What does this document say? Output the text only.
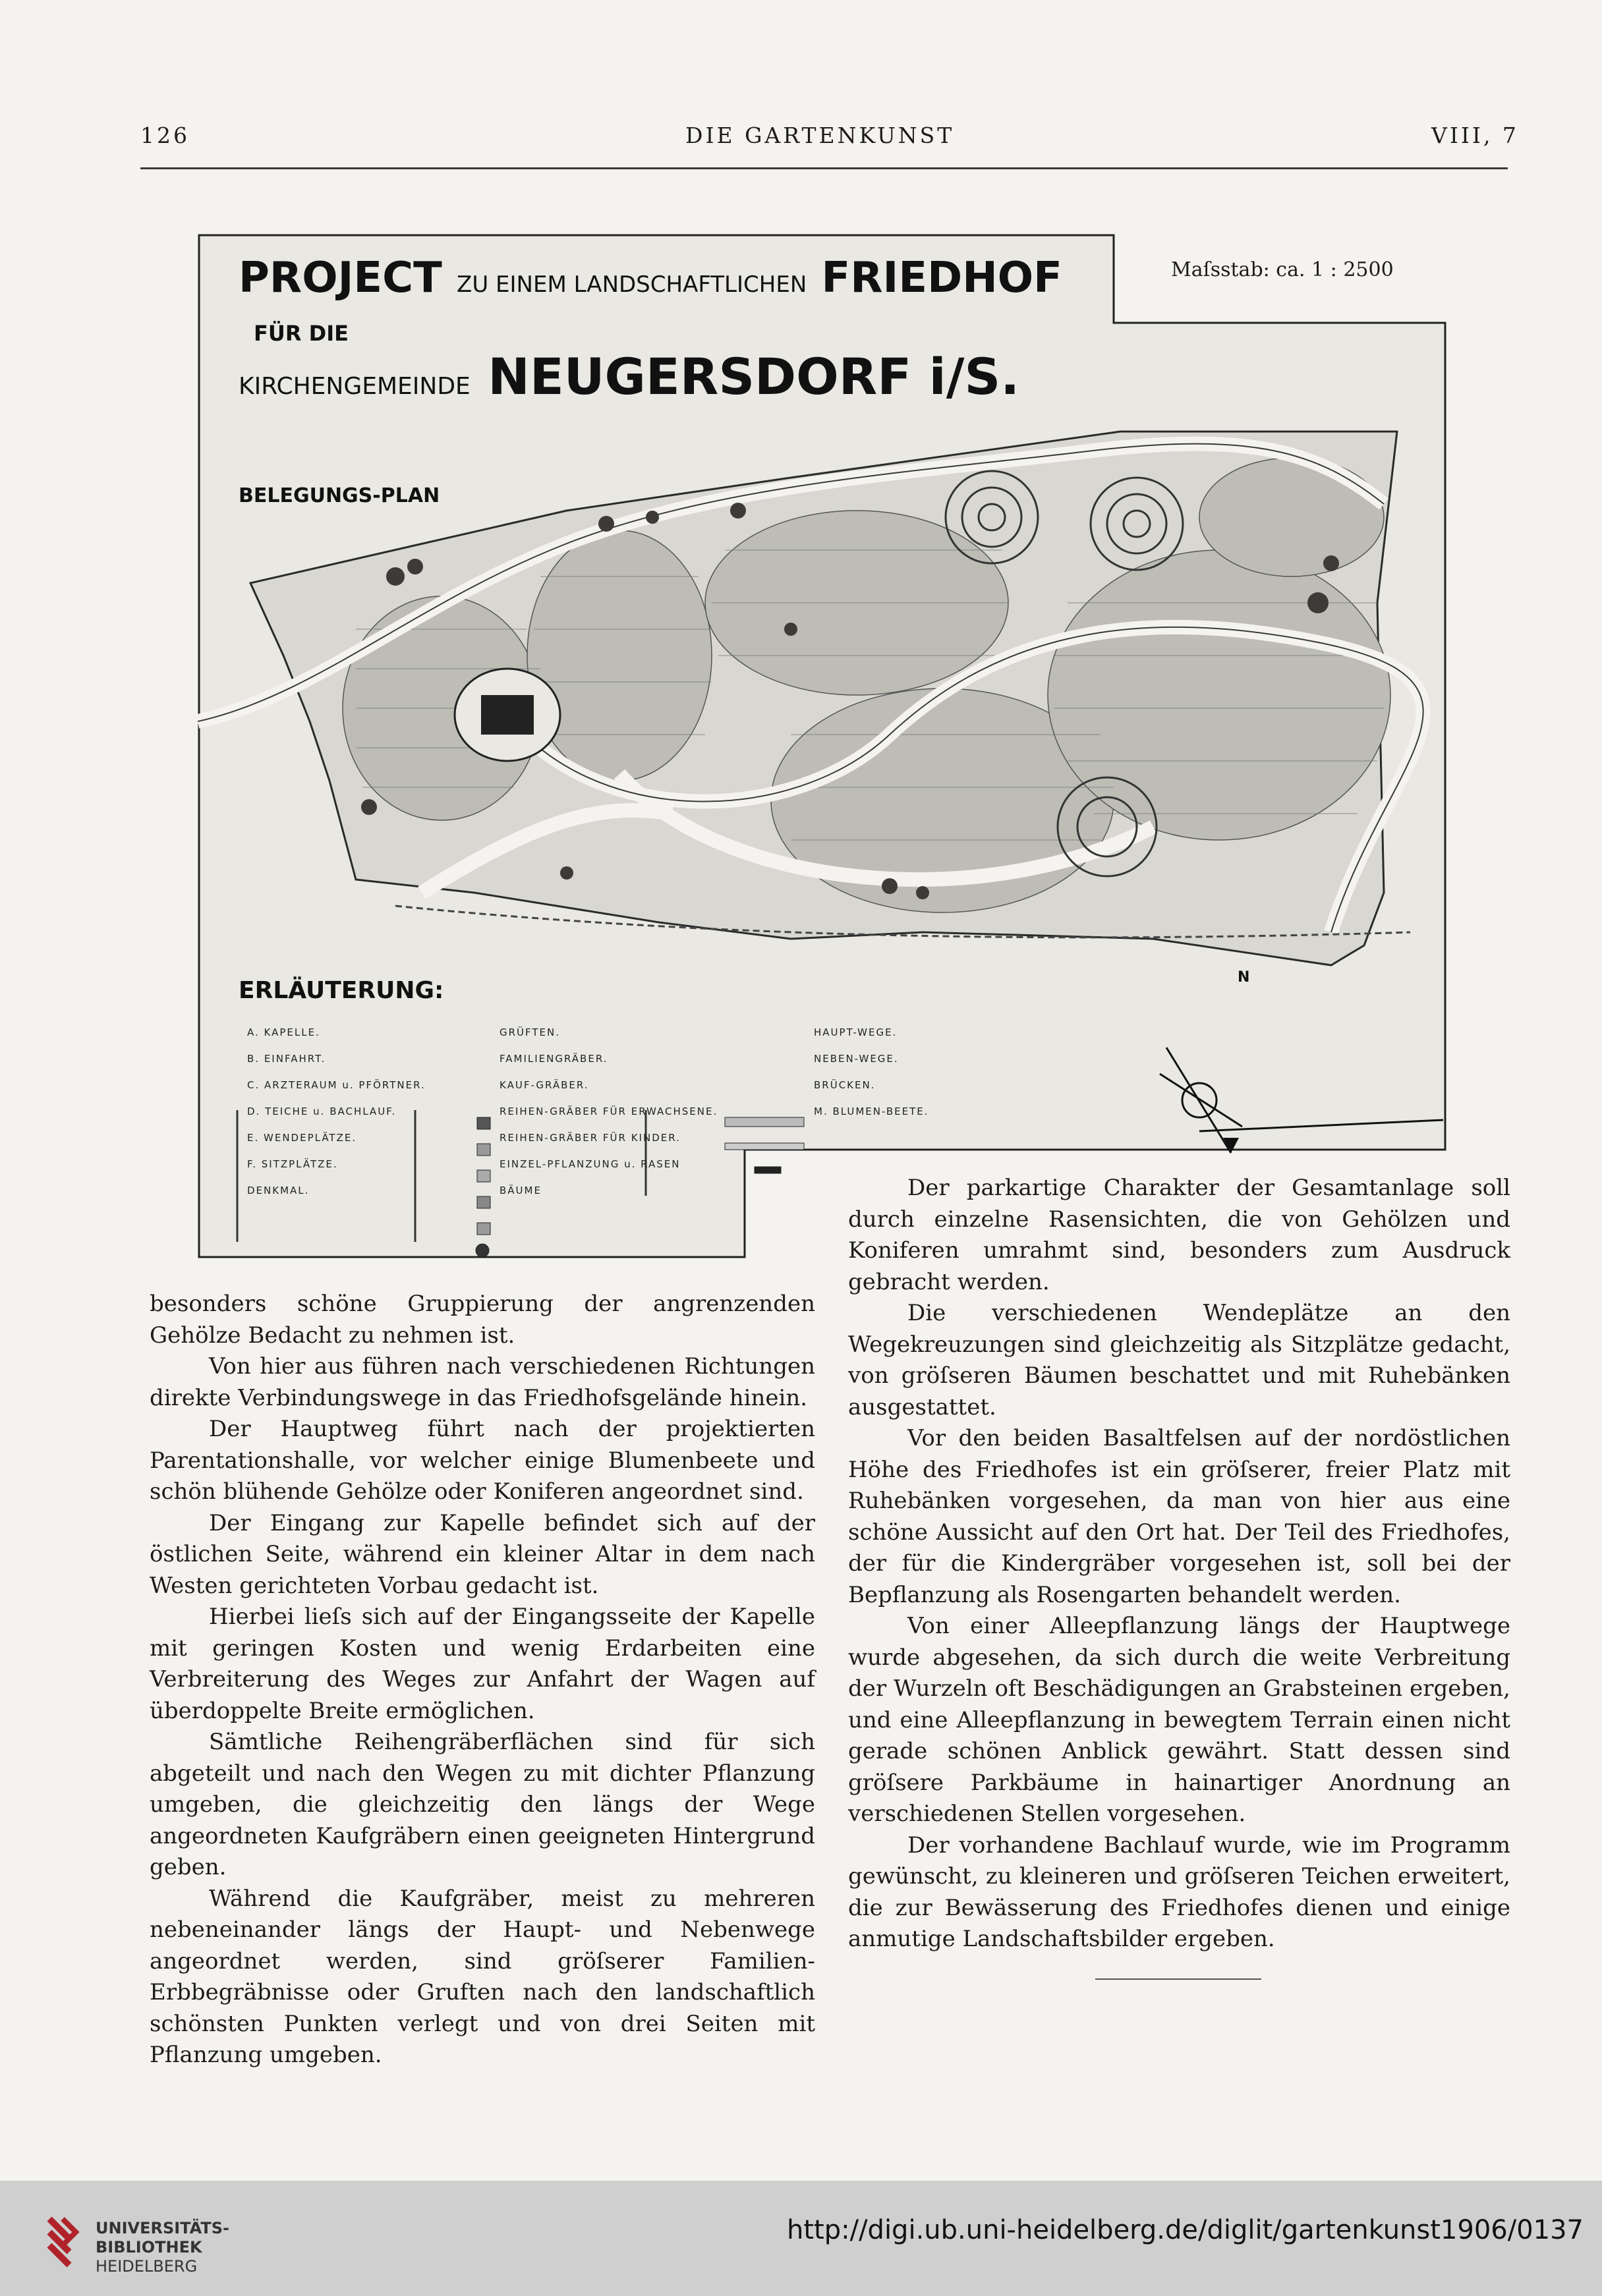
126	DIE GARTENKUNST	VIII, 7
Maſsstab: ca. 1 : 2500
PROJECT ZU EINEM LANDSCHAFTLICHEN FRIEDHOF
FÜR DIE
KIRCHENGEMEINDE NEUGERSDORF i/S.
BELEGUNGS-PLAN
ERLÄUTERUNG:	N
A. KAPELLE.
B. EINFAHRT.
C. ARZTERAUM u. PFÖRTNER.
D. TEICHE u. BACHLAUF.
E. WENDEPLÄTZE.
F. SITZPLÄTZE.
DENKMAL.
GRÜFTEN.
FAMILIENGRÄBER.
KAUF-GRÄBER.
REIHEN-GRÄBER FÜR ERWACHSENE.
REIHEN-GRÄBER FÜR KINDER.
EINZEL-PFLANZUNG u. RASEN
BÄUME
HAUPT-WEGE.
NEBEN-WEGE.
BRÜCKEN.
M. BLUMEN-BEETE.

besonders schöne Gruppierung der angrenzenden Gehölze Bedacht zu nehmen ist.

Von hier aus führen nach verschiedenen Richtungen direkte Verbindungswege in das Friedhofsgelände hinein.

Der Hauptweg führt nach der projektierten Parentationshalle, vor welcher einige Blumenbeete und schön blühende Gehölze oder Koniferen angeordnet sind.

Der Eingang zur Kapelle befindet sich auf der östlichen Seite, während ein kleiner Altar in dem nach Westen gerichteten Vorbau gedacht ist.

Hierbei lieſs sich auf der Eingangsseite der Kapelle mit geringen Kosten und wenig Erdarbeiten eine Verbreiterung des Weges zur Anfahrt der Wagen auf überdoppelte Breite ermöglichen.

Sämtliche Reihengräberflächen sind für sich abgeteilt und nach den Wegen zu mit dichter Pflanzung umgeben, die gleichzeitig den längs der Wege angeordneten Kaufgräbern einen geeigneten Hintergrund geben.

Während die Kaufgräber, meist zu mehreren nebeneinander längs der Haupt- und Nebenwege angeordnet werden, sind gröſserer Familien-Erbbegräbnisse oder Gruften nach den landschaftlich schönsten Punkten verlegt und von drei Seiten mit Pflanzung umgeben.

Der parkartige Charakter der Gesamtanlage soll durch einzelne Rasensichten, die von Gehölzen und Koniferen umrahmt sind, besonders zum Ausdruck gebracht werden.

Die verschiedenen Wendeplätze an den Wegekreuzungen sind gleichzeitig als Sitzplätze gedacht, von gröſseren Bäumen beschattet und mit Ruhebänken ausgestattet.

Vor den beiden Basaltfelsen auf der nordöstlichen Höhe des Friedhofes ist ein gröſserer, freier Platz mit Ruhebänken vorgesehen, da man von hier aus eine schöne Aussicht auf den Ort hat. Der Teil des Friedhofes, der für die Kindergräber vorgesehen ist, soll bei der Bepflanzung als Rosengarten behandelt werden.

Von einer Alleepflanzung längs der Hauptwege wurde abgesehen, da sich durch die weite Verbreitung der Wurzeln oft Beschädigungen an Grabsteinen ergeben, und eine Alleepflanzung in bewegtem Terrain einen nicht gerade schönen Anblick gewährt. Statt dessen sind gröſsere Parkbäume in hainartiger Anordnung an verschiedenen Stellen vorgesehen.

Der vorhandene Bachlauf wurde, wie im Programm gewünscht, zu kleineren und gröſseren Teichen erweitert, die zur Bewässerung des Friedhofes dienen und einige anmutige Landschaftsbilder ergeben.

UNIVERSITÄTS-
BIBLIOTHEK
HEIDELBERG
http://digi.ub.uni-heidelberg.de/diglit/gartenkunst1906/0137
